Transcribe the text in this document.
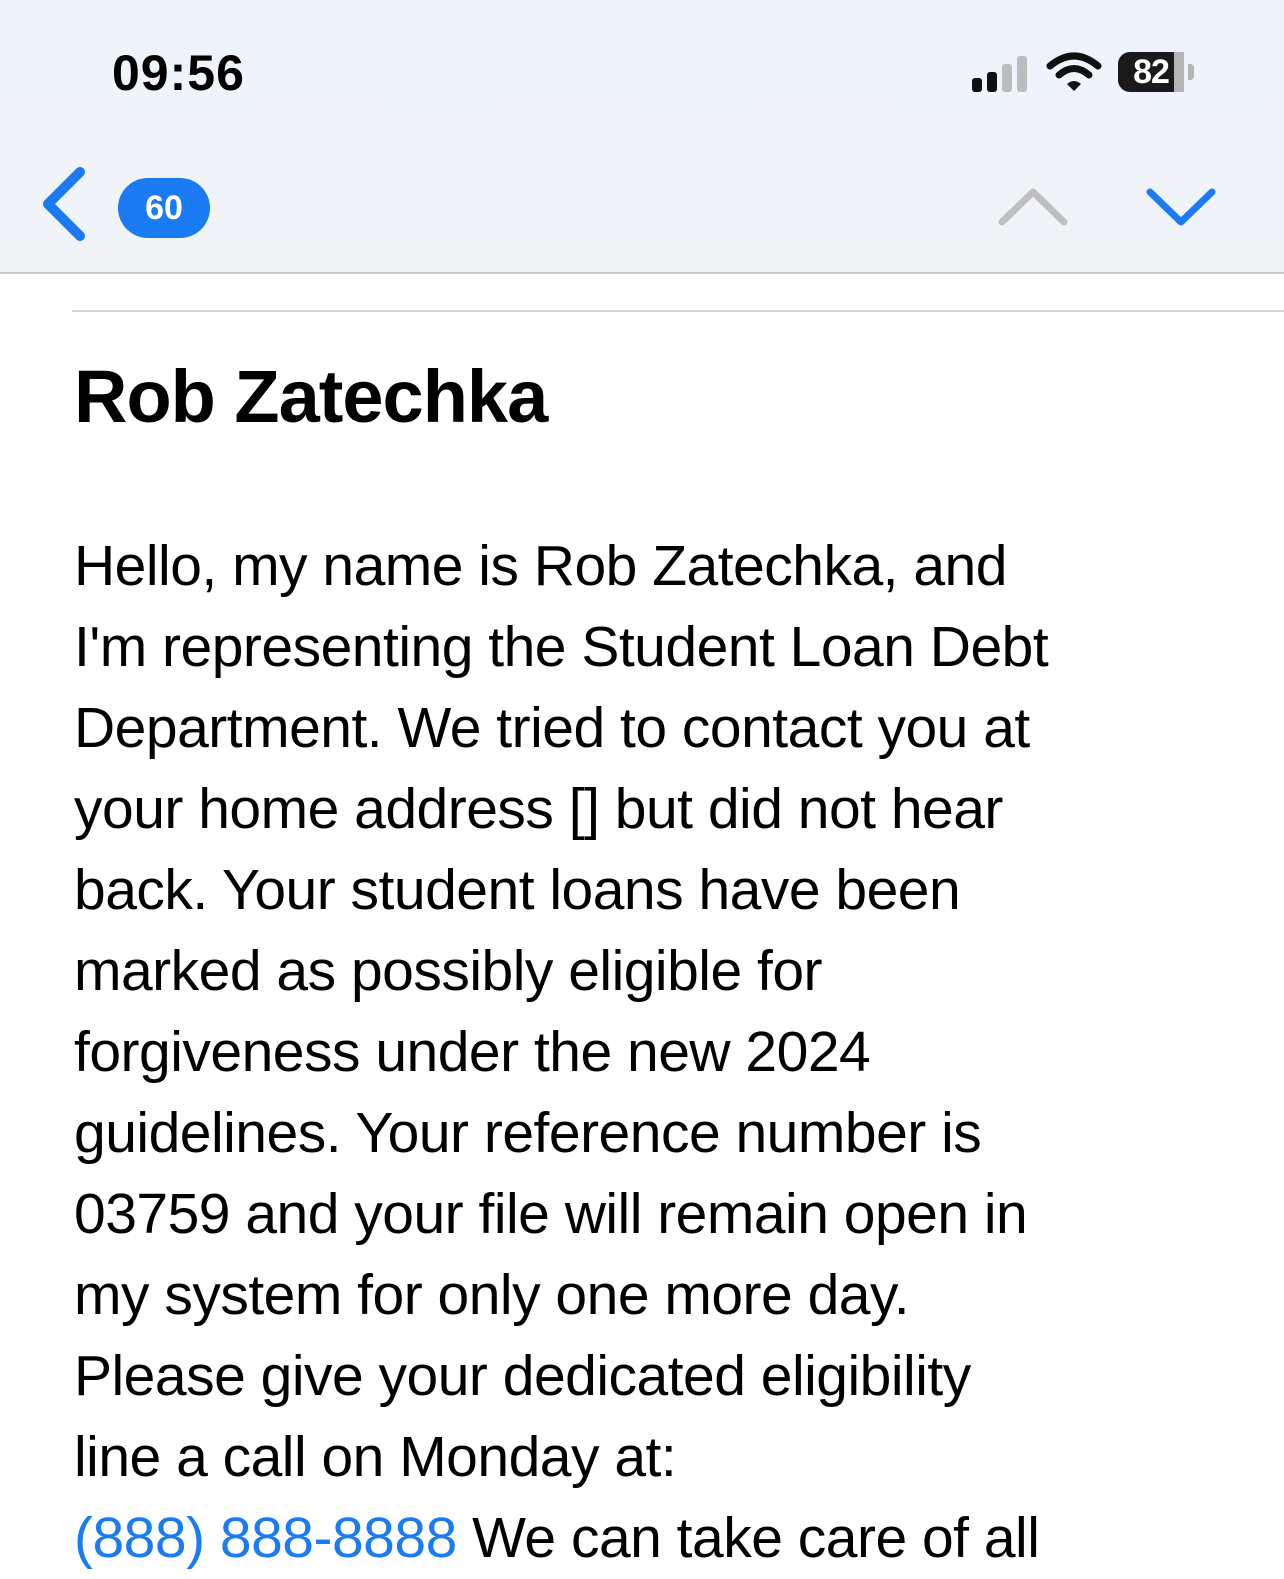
09:56	82
60
Rob Zatechka
Hello, my name is Rob Zatechka, and
I'm representing the Student Loan Debt
Department. We tried to contact you at
your home address [] but did not hear
back. Your student loans have been
marked as possibly eligible for
forgiveness under the new 2024
guidelines. Your reference number is
03759 and your file will remain open in
my system for only one more day.
Please give your dedicated eligibility
line a call on Monday at:
(888) 888-8888 We can take care of all
